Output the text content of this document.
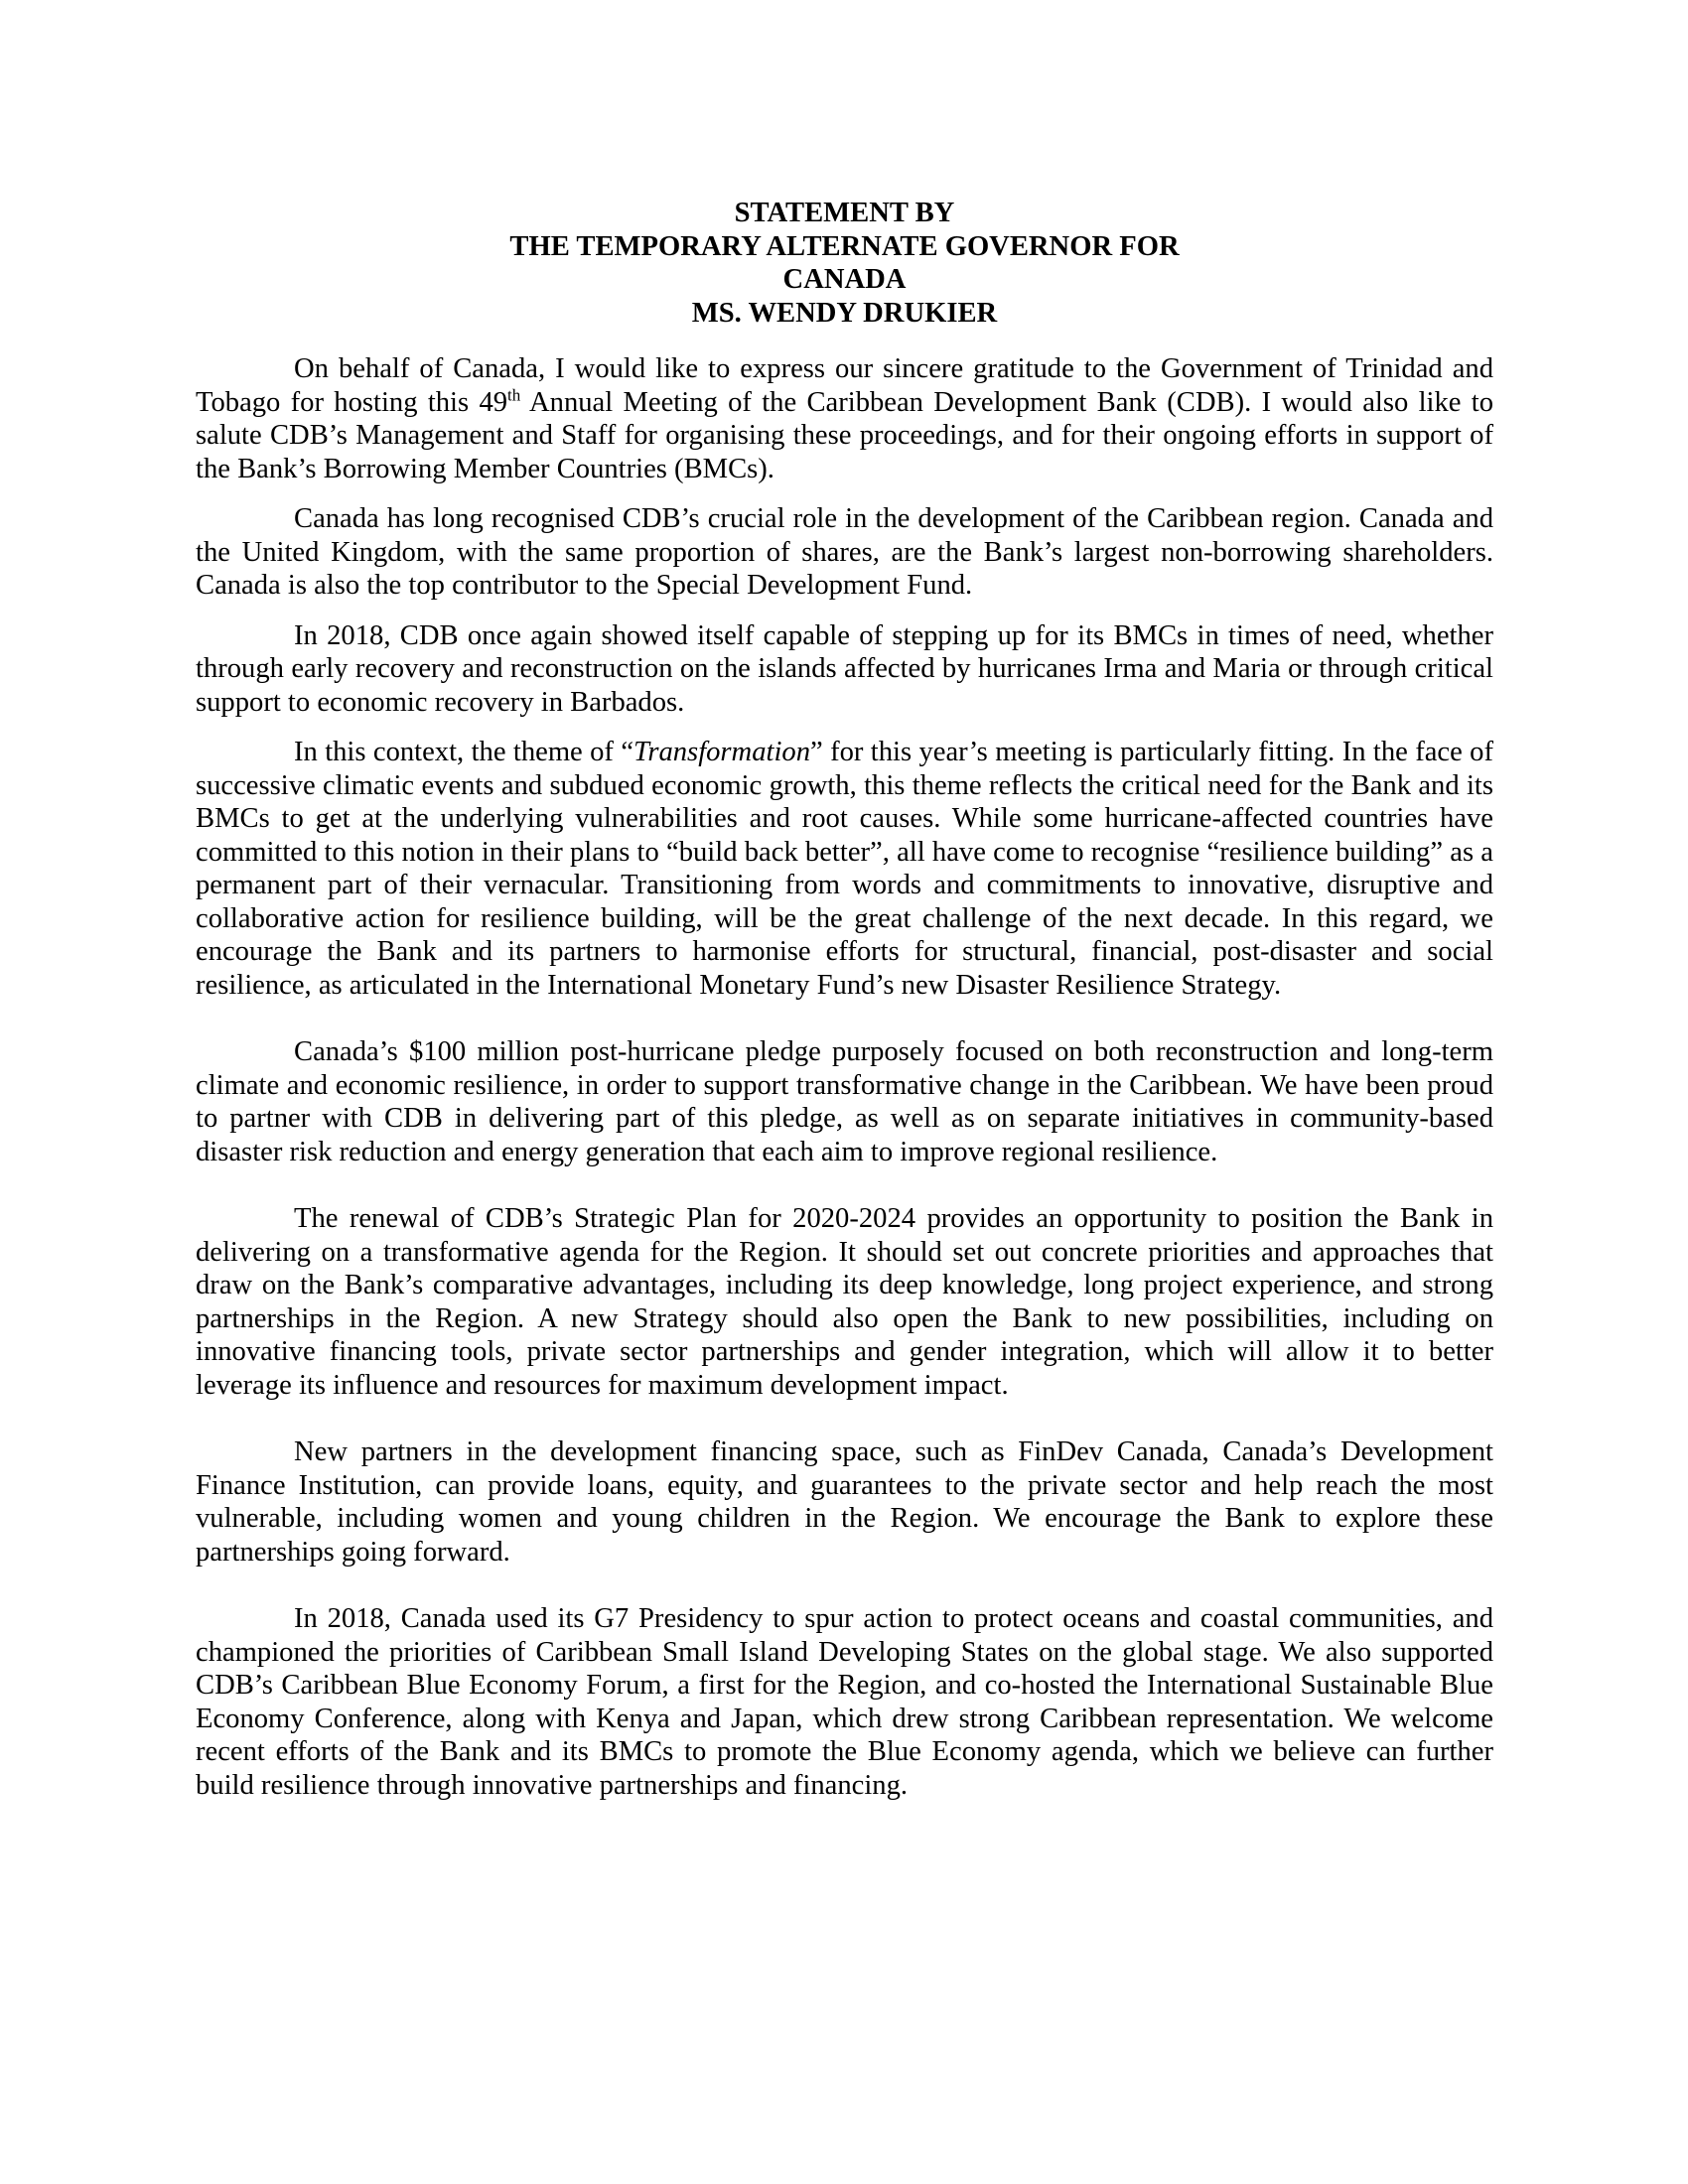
STATEMENT BY
THE TEMPORARY ALTERNATE GOVERNOR FOR
CANADA
MS. WENDY DRUKIER

On behalf of Canada, I would like to express our sincere gratitude to the Government of Trinidad and Tobago for hosting this 49th Annual Meeting of the Caribbean Development Bank (CDB). I would also like to salute CDB’s Management and Staff for organising these proceedings, and for their ongoing efforts in support of the Bank’s Borrowing Member Countries (BMCs).

Canada has long recognised CDB’s crucial role in the development of the Caribbean region. Canada and the United Kingdom, with the same proportion of shares, are the Bank’s largest non-borrowing shareholders. Canada is also the top contributor to the Special Development Fund.

In 2018, CDB once again showed itself capable of stepping up for its BMCs in times of need, whether through early recovery and reconstruction on the islands affected by hurricanes Irma and Maria or through critical support to economic recovery in Barbados.

In this context, the theme of “Transformation” for this year’s meeting is particularly fitting. In the face of successive climatic events and subdued economic growth, this theme reflects the critical need for the Bank and its BMCs to get at the underlying vulnerabilities and root causes. While some hurricane-affected countries have committed to this notion in their plans to “build back better”, all have come to recognise “resilience building” as a permanent part of their vernacular. Transitioning from words and commitments to innovative, disruptive and collaborative action for resilience building, will be the great challenge of the next decade. In this regard, we encourage the Bank and its partners to harmonise efforts for structural, financial, post-disaster and social resilience, as articulated in the International Monetary Fund’s new Disaster Resilience Strategy.

Canada’s $100 million post-hurricane pledge purposely focused on both reconstruction and long-term climate and economic resilience, in order to support transformative change in the Caribbean. We have been proud to partner with CDB in delivering part of this pledge, as well as on separate initiatives in community-based disaster risk reduction and energy generation that each aim to improve regional resilience.

The renewal of CDB’s Strategic Plan for 2020-2024 provides an opportunity to position the Bank in delivering on a transformative agenda for the Region. It should set out concrete priorities and approaches that draw on the Bank’s comparative advantages, including its deep knowledge, long project experience, and strong partnerships in the Region. A new Strategy should also open the Bank to new possibilities, including on innovative financing tools, private sector partnerships and gender integration, which will allow it to better leverage its influence and resources for maximum development impact.

New partners in the development financing space, such as FinDev Canada, Canada’s Development Finance Institution, can provide loans, equity, and guarantees to the private sector and help reach the most vulnerable, including women and young children in the Region. We encourage the Bank to explore these partnerships going forward.

In 2018, Canada used its G7 Presidency to spur action to protect oceans and coastal communities, and championed the priorities of Caribbean Small Island Developing States on the global stage. We also supported CDB’s Caribbean Blue Economy Forum, a first for the Region, and co-hosted the International Sustainable Blue Economy Conference, along with Kenya and Japan, which drew strong Caribbean representation. We welcome recent efforts of the Bank and its BMCs to promote the Blue Economy agenda, which we believe can further build resilience through innovative partnerships and financing.
